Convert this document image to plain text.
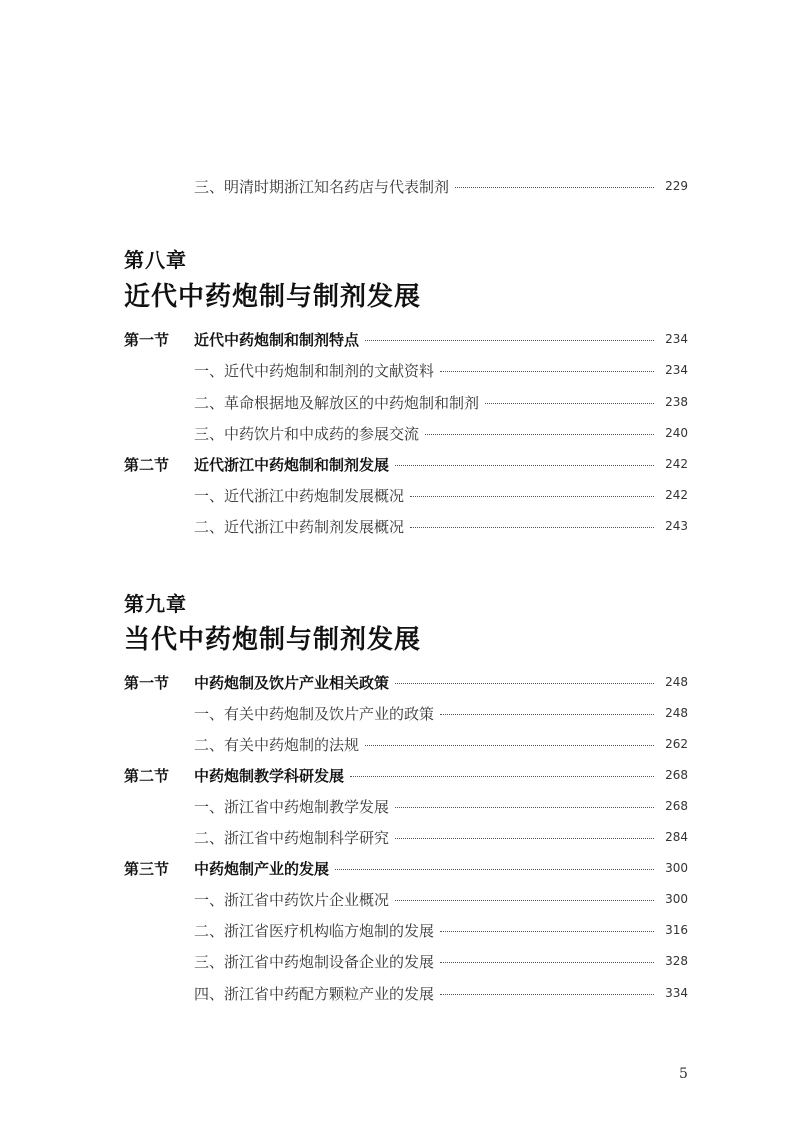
三、明清时期浙江知名药店与代表制剂	229
第八章
近代中药炮制与制剂发展
第一节	近代中药炮制和制剂特点	234
一、近代中药炮制和制剂的文献资料	234
二、革命根据地及解放区的中药炮制和制剂	238
三、中药饮片和中成药的参展交流	240
第二节	近代浙江中药炮制和制剂发展	242
一、近代浙江中药炮制发展概况	242
二、近代浙江中药制剂发展概况	243
第九章
当代中药炮制与制剂发展
第一节	中药炮制及饮片产业相关政策	248
一、有关中药炮制及饮片产业的政策	248
二、有关中药炮制的法规	262
第二节	中药炮制教学科研发展	268
一、浙江省中药炮制教学发展	268
二、浙江省中药炮制科学研究	284
第三节	中药炮制产业的发展	300
一、浙江省中药饮片企业概况	300
二、浙江省医疗机构临方炮制的发展	316
三、浙江省中药炮制设备企业的发展	328
四、浙江省中药配方颗粒产业的发展	334
5
